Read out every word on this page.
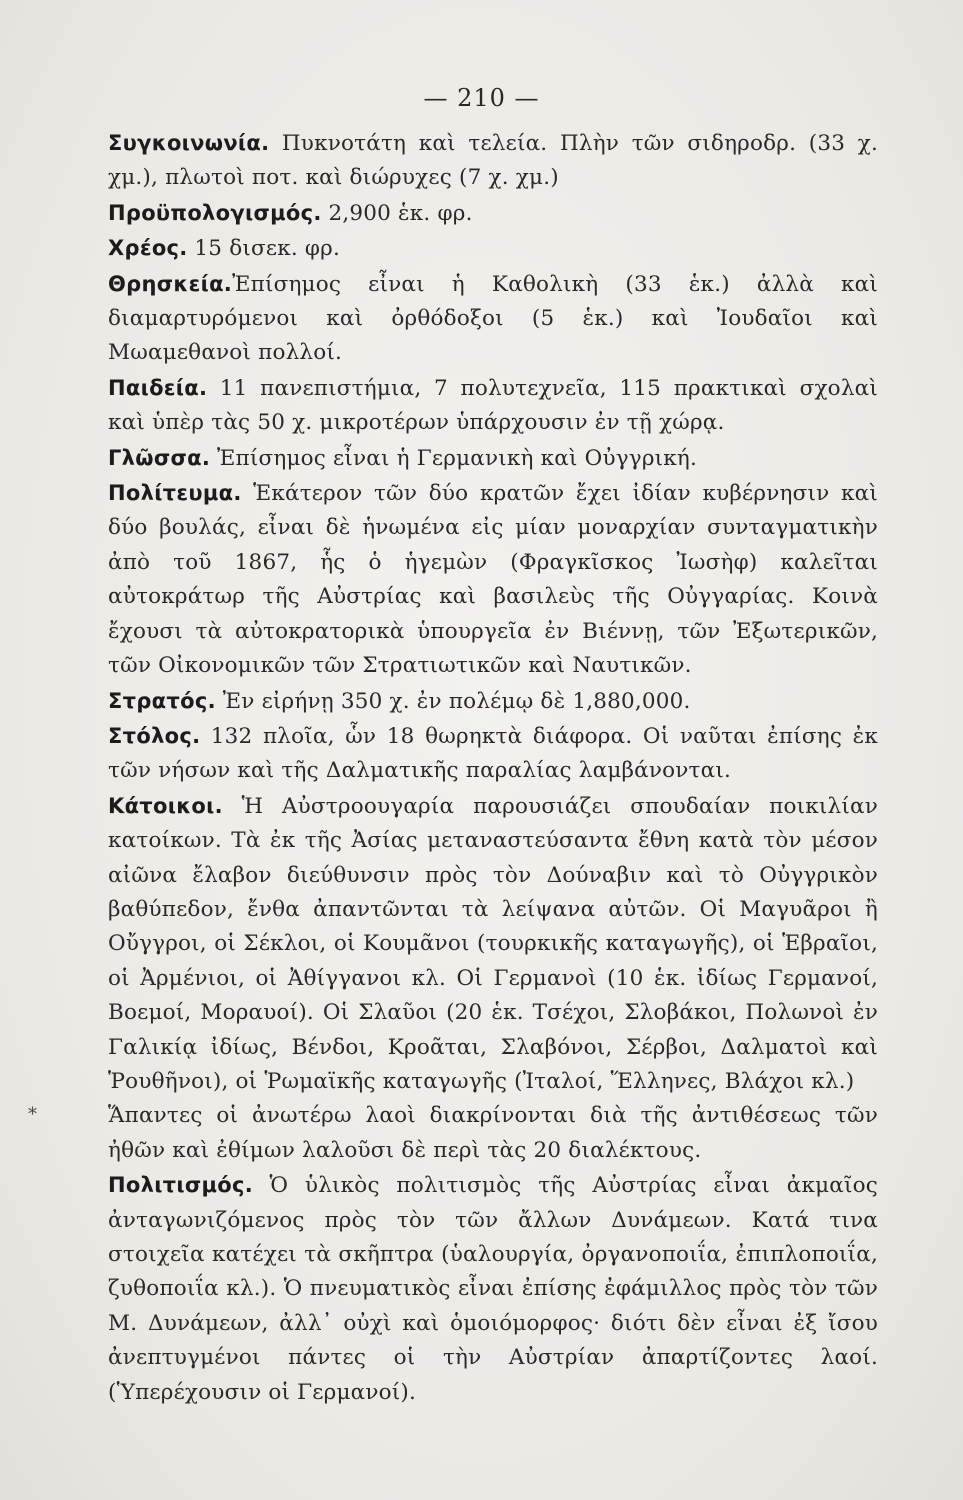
— 210 —
*

Συγκοινωνία. Πυκνοτάτη καὶ τελεία. Πλὴν τῶν σιδηροδρ. (33 χ. χμ.), πλωτοὶ ποτ. καὶ διώρυχες (7 χ. χμ.)

Προϋπολογισμός. 2,900 ἑκ. φρ.

Χρέος. 15 δισεκ. φρ.

Θρησκεία.Ἐπίσημος εἶναι ἡ Καθολικὴ (33 ἑκ.) ἀλλὰ καὶ διαμαρτυρόμενοι καὶ ὀρθόδοξοι (5 ἑκ.) καὶ Ἰουδαῖοι καὶ Μωαμεθανοὶ πολλοί.

Παιδεία. 11 πανεπιστήμια, 7 πολυτεχνεῖα, 115 πρακτικαὶ σχολαὶ καὶ ὑπὲρ τὰς 50 χ. μικροτέρων ὑπάρχουσιν ἐν τῇ χώρᾳ.

Γλῶσσα. Ἐπίσημος εἶναι ἡ Γερμανικὴ καὶ Οὐγγρική.

Πολίτευμα. Ἑκάτερον τῶν δύο κρατῶν ἔχει ἰδίαν κυβέρνησιν καὶ δύο βουλάς, εἶναι δὲ ἡνωμένα εἰς μίαν μοναρχίαν συνταγματικὴν ἀπὸ τοῦ 1867, ἧς ὁ ἡγεμὼν (Φραγκῖσκος Ἰωσὴφ) καλεῖται αὐτοκράτωρ τῆς Αὐστρίας καὶ βασιλεὺς τῆς Οὐγγαρίας. Κοινὰ ἔχουσι τὰ αὐτοκρατορικὰ ὑπουργεῖα ἐν Βιέννῃ, τῶν Ἐξωτερικῶν, τῶν Οἰκονομικῶν τῶν Στρατιωτικῶν καὶ Ναυτικῶν.

Στρατός. Ἐν εἰρήνῃ 350 χ. ἐν πολέμῳ δὲ 1,880,000.

Στόλος. 132 πλοῖα, ὧν 18 θωρηκτὰ διάφορα. Οἱ ναῦται ἐπίσης ἐκ τῶν νήσων καὶ τῆς Δαλματικῆς παραλίας λαμβάνονται.

Κάτοικοι. Ἡ Αὐστροουγαρία παρουσιάζει σπουδαίαν ποικιλίαν κατοίκων. Τὰ ἐκ τῆς Ἀσίας μεταναστεύσαντα ἔθνη κατὰ τὸν μέσον αἰῶνα ἔλαβον διεύθυνσιν πρὸς τὸν Δούναβιν καὶ τὸ Οὐγγρικὸν βαθύπεδον, ἔνθα ἀπαντῶνται τὰ λείψανα αὐτῶν. Οἱ Μαγυᾶροι ἢ Οὔγγροι, οἱ Σέκλοι, οἱ Κουμᾶνοι (τουρκικῆς καταγωγῆς), οἱ Ἑβραῖοι, οἱ Ἀρμένιοι, οἱ Ἀθίγγανοι κλ. Οἱ Γερμανοὶ (10 ἑκ. ἰδίως Γερμανοί, Βοεμοί, Μοραυοί). Οἱ Σλαῦοι (20 ἑκ. Τσέχοι, Σλοβάκοι, Πολωνοὶ ἐν Γαλικίᾳ ἰδίως, Βένδοι, Κροᾶται, Σλαβόνοι, Σέρβοι, Δαλματοὶ καὶ Ῥουθῆνοι), οἱ Ῥωμαϊκῆς καταγωγῆς (Ἰταλοί, Ἕλληνες, Βλάχοι κλ.)

Ἅπαντες οἱ ἀνωτέρω λαοὶ διακρίνονται διὰ τῆς ἀντιθέσεως τῶν ἠθῶν καὶ ἐθίμων λαλοῦσι δὲ περὶ τὰς 20 διαλέκτους.

Πολιτισμός. Ὁ ὑλικὸς πολιτισμὸς τῆς Αὐστρίας εἶναι ἀκμαῖος ἀνταγωνιζόμενος πρὸς τὸν τῶν ἄλλων Δυνάμεων. Κατά τινα στοιχεῖα κατέχει τὰ σκῆπτρα (ὑαλουργία, ὀργανοποιΐα, ἐπιπλοποιΐα, ζυθοποιΐα κλ.). Ὁ πνευματικὸς εἶναι ἐπίσης ἐφάμιλλος πρὸς τὸν τῶν Μ. Δυνάμεων, ἀλλ᾽ οὐχὶ καὶ ὁμοιόμορφος· διότι δὲν εἶναι ἐξ ἴσου ἀνεπτυγμένοι πάντες οἱ τὴν Αὐστρίαν ἀπαρτίζοντες λαοί. (Ὑπερέχουσιν οἱ Γερμανοί).
